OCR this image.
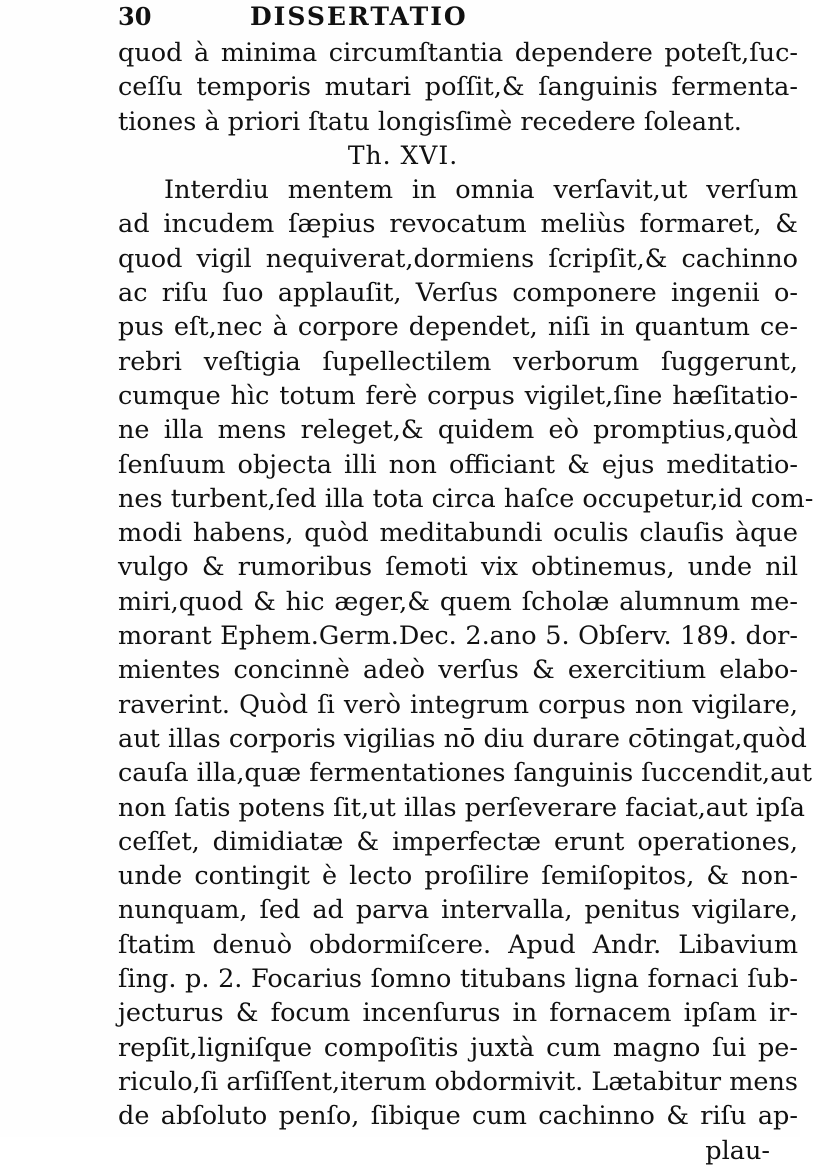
30	DISSERTATIO
quod à minima circumſtantia dependere poteſt,ſuc-
ceſſu temporis mutari poſſit,& ſanguinis fermenta-
tiones à priori ſtatu longisſimè recedere ſoleant.
Th. XVI.
Interdiu mentem in omnia verſavit,ut verſum
ad incudem ſæpius revocatum meliùs formaret, &
quod vigil nequiverat,dormiens ſcripſit,& cachinno
ac riſu ſuo applauſit, Verſus componere ingenii o-
pus eſt,nec à corpore dependet, niſi in quantum ce-
rebri veſtigia ſupellectilem verborum ſuggerunt,
cumque hìc totum ferè corpus vigilet,ſine hæſitatio-
ne illa mens releget,& quidem eò promptius,quòd
ſenſuum objecta illi non officiant & ejus meditatio-
nes turbent,ſed illa tota circa haſce occupetur,id com-
modi habens, quòd meditabundi oculis clauſis àque
vulgo & rumoribus ſemoti vix obtinemus, unde nil
miri,quod & hic æger,& quem ſcholæ alumnum me-
morant Ephem.Germ.Dec. 2.ano 5. Obſerv. 189. dor-
mientes concinnè adeò verſus & exercitium elabo-
raverint. Quòd ſi verò integrum corpus non vigilare,
aut illas corporis vigilias nō diu durare cōtingat,quòd
cauſa illa,quæ fermentationes ſanguinis ſuccendit,aut
non ſatis potens ſit,ut illas perſeverare faciat,aut ipſa
ceſſet, dimidiatæ & imperfectæ erunt operationes,
unde contingit è lecto proſilire ſemiſopitos, & non-
nunquam, ſed ad parva intervalla, penitus vigilare,
ſtatim denuò obdormiſcere. Apud Andr. Libavium
ſing. p. 2. Focarius ſomno titubans ligna fornaci ſub-
jecturus & focum incenſurus in fornacem ipſam ir-
repſit,ligniſque compoſitis juxtà cum magno ſui pe-
riculo,ſi arſiſſent,iterum obdormivit. Lætabitur mens
de abſoluto penſo, ſibique cum cachinno & riſu ap-
plau-
